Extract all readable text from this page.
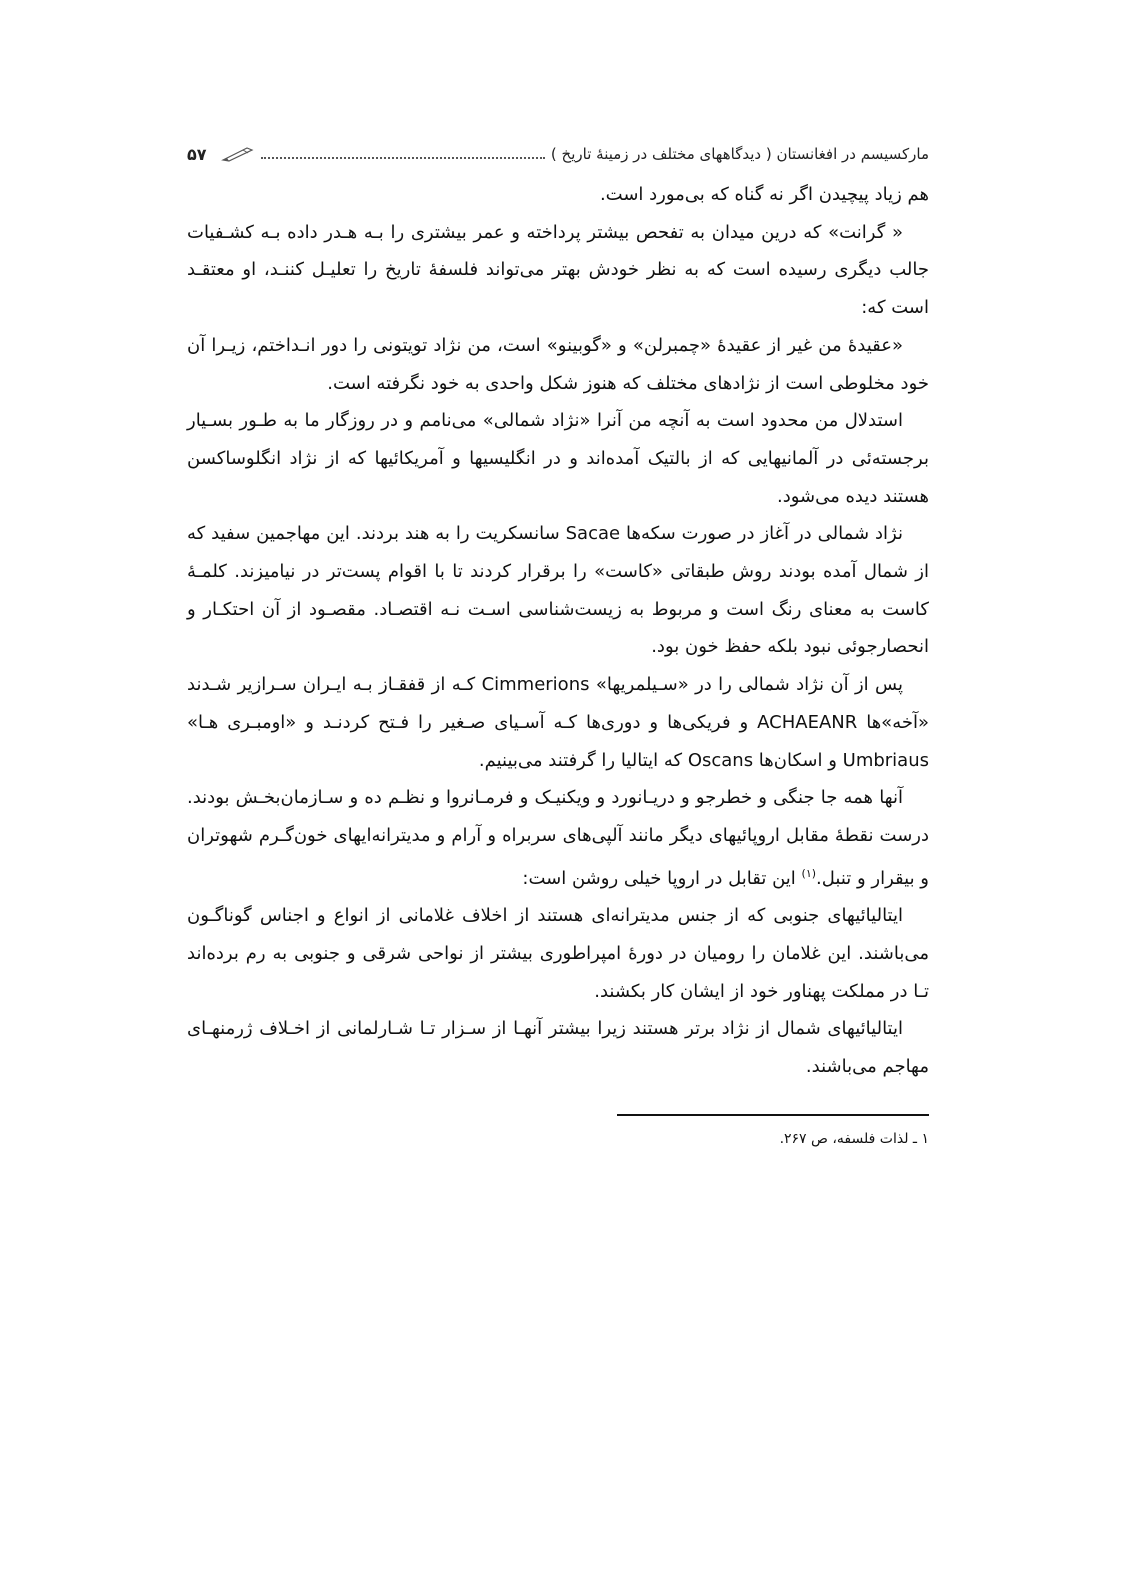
مارکسیسم در افغانستان ( دیدگاههای مختلف در زمینهٔ تاریخ )
۵۷

هم زیاد پیچیدن اگر نه گناه که بی‌مورد است.

« گرانت» که درین میدان به تفحص بیشتر پرداخته و عمر بیشتری را بـه هـدر داده بـه کشـفیات جالب دیگری رسیده است که به نظر خودش بهتر می‌تواند فلسفهٔ تاریخ را تعلیـل کننـد، او معتقـد است که:

«عقیدهٔ من غیر از عقیدهٔ «چمبرلن» و «گوبینو» است، من نژاد تویتونی را دور انـداختم، زیـرا آن خود مخلوطی است از نژادهای مختلف که هنوز شکل واحدی به خود نگرفته است.

استدلال من محدود است به آنچه من آنرا «نژاد شمالی» می‌نامم و در روزگار ما به طـور بسـیار برجسته‌ئی در آلمانیهایی که از بالتیک آمده‌اند و در انگلیسیها و آمریکائیها که از نژاد انگلوساکسن هستند دیده می‌شود.

نژاد شمالی در آغاز در صورت سکه‌ها Sacae سانسکریت را به هند بردند. این مهاجمین سفید که از شمال آمده بودند روش طبقاتی «کاست» را برقرار کردند تا با اقوام پست‌تر در نیامیزند. کلمـهٔ کاست به معنای رنگ است و مربوط به زیست‌شناسی اسـت نـه اقتصـاد. مقصـود از آن احتکـار و انحصارجوئی نبود بلکه حفظ خون بود.

پس از آن نژاد شمالی را در «سـیلمریها» Cimmerions کـه از قفقـاز بـه ایـران سـرازیر شـدند «آخه»ها ACHAEANR و فریکی‌ها و دوری‌ها کـه آسـیای صـغیر را فـتح کردنـد و «اومبـری هـا» Umbriaus و اسکان‌ها Oscans که ایتالیا را گرفتند می‌بینیم.

آنها همه جا جنگی و خطرجو و دریـانورد و ویکنیـک و فرمـانروا و نظـم ده و سـازمان‌بخـش بودند. درست نقطهٔ مقابل اروپائیهای دیگر مانند آلپی‌های سربراه و آرام و مدیترانه‌ایهای خون‌گـرم شهوتران و بیقرار و تنبل.$^{(۱)}$ این تقابل در اروپا خیلی روشن است:

ایتالیائیهای جنوبی که از جنس مدیترانه‌ای هستند از اخلاف غلامانی از انواع و اجناس گوناگـون می‌باشند. این غلامان را رومیان در دورهٔ امپراطوری بیشتر از نواحی شرقی و جنوبی به رم برده‌اند تـا در مملکت پهناور خود از ایشان کار بکشند.

ایتالیائیهای شمال از نژاد برتر هستند زیرا بیشتر آنهـا از سـزار تـا شـارلمانی از اخـلاف ژرمنهـای مهاجم می‌باشند.

۱ ـ لذات فلسفه، ص ۲۶۷.
